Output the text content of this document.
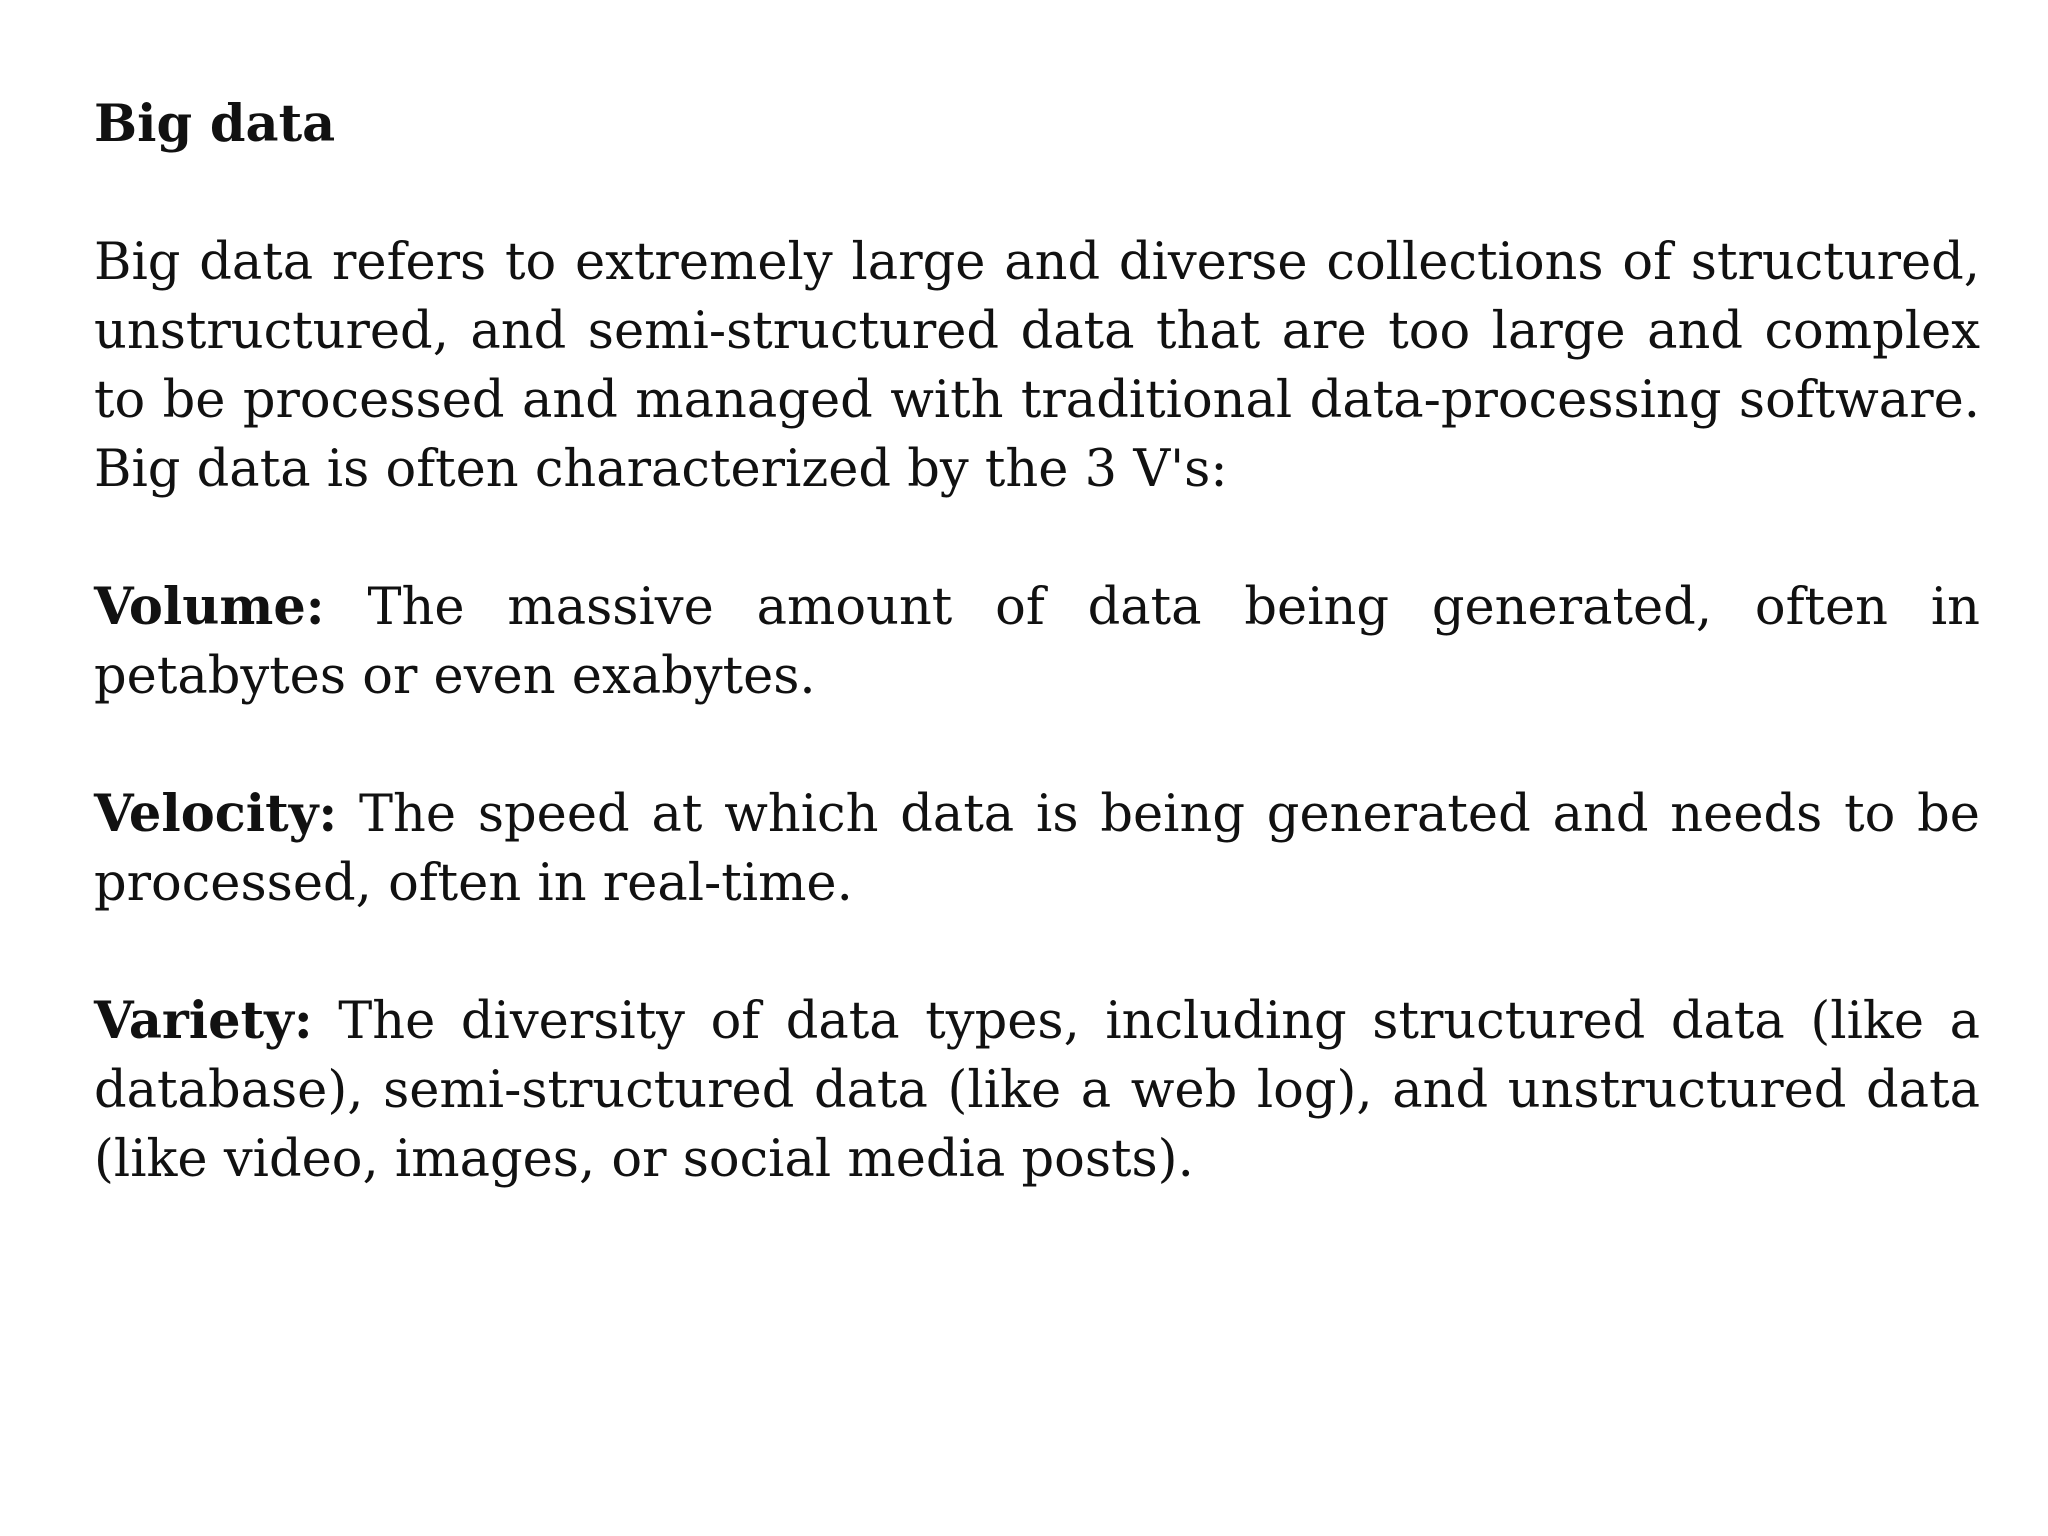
Big data

Big data refers to extremely large and diverse collections of structured, unstructured, and semi-structured data that are too large and complex to be processed and managed with traditional data-processing software. Big data is often characterized by the 3 V's:

Volume: The massive amount of data being generated, often in petabytes or even exabytes.

Velocity: The speed at which data is being generated and needs to be processed, often in real-time.

Variety: The diversity of data types, including structured data (like a database), semi-structured data (like a web log), and unstructured data (like video, images, or social media posts).
